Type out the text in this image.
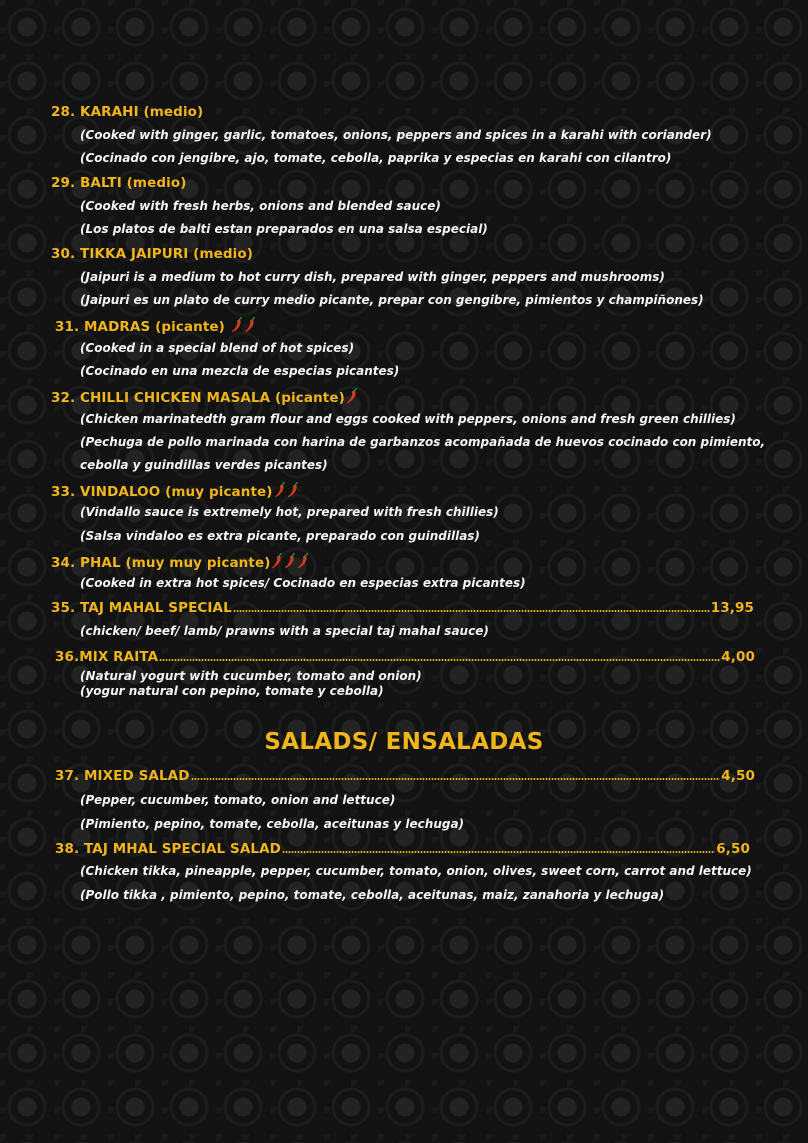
28. KARAHI (medio)
(Cooked with ginger, garlic, tomatoes, onions, peppers and spices in a karahi with coriander)
(Cocinado con jengibre, ajo, tomate, cebolla, paprika y especias en karahi con cilantro)
29. BALTI (medio)
(Cooked with fresh herbs, onions and blended sauce)
(Los platos de balti estan preparados en una salsa especial)
30. TIKKA JAIPURI (medio)
(Jaipuri is a medium to hot curry dish, prepared with ginger, peppers and mushrooms)
(Jaipuri es un plato de curry medio picante, prepar con gengibre, pimientos y champiñones)
31. MADRAS (picante)
(Cooked in a special blend of hot spices)
(Cocinado en una mezcla de especias picantes)
32. CHILLI CHICKEN MASALA (picante)
(Chicken marinatedth gram flour and eggs cooked with peppers, onions and fresh green chillies)
(Pechuga de pollo marinada con harina de garbanzos acompañada de huevos cocinado con pimiento,
cebolla y guindillas verdes picantes)
33. VINDALOO (muy picante)
(Vindallo sauce is extremely hot, prepared with fresh chillies)
(Salsa vindaloo es extra picante, preparado con guindillas)
34. PHAL (muy muy picante)
(Cooked in extra hot spices/ Cocinado en especias extra picantes)
35. TAJ MAHAL SPECIAL	13,95
(chicken/ beef/ lamb/ prawns with a special taj mahal sauce)
36.MIX RAITA	4,00
(Natural yogurt with cucumber, tomato and onion)
(yogur natural con pepino, tomate y cebolla)
SALADS/ ENSALADAS
37. MIXED SALAD	4,50
(Pepper, cucumber, tomato, onion and lettuce)
(Pimiento, pepino, tomate, cebolla, aceitunas y lechuga)
38. TAJ MHAL SPECIAL SALAD	6,50
(Chicken tikka, pineapple, pepper, cucumber, tomato, onion, olives, sweet corn, carrot and lettuce)
(Pollo tikka , pimiento, pepino, tomate, cebolla, aceitunas, maiz, zanahoria y lechuga)
